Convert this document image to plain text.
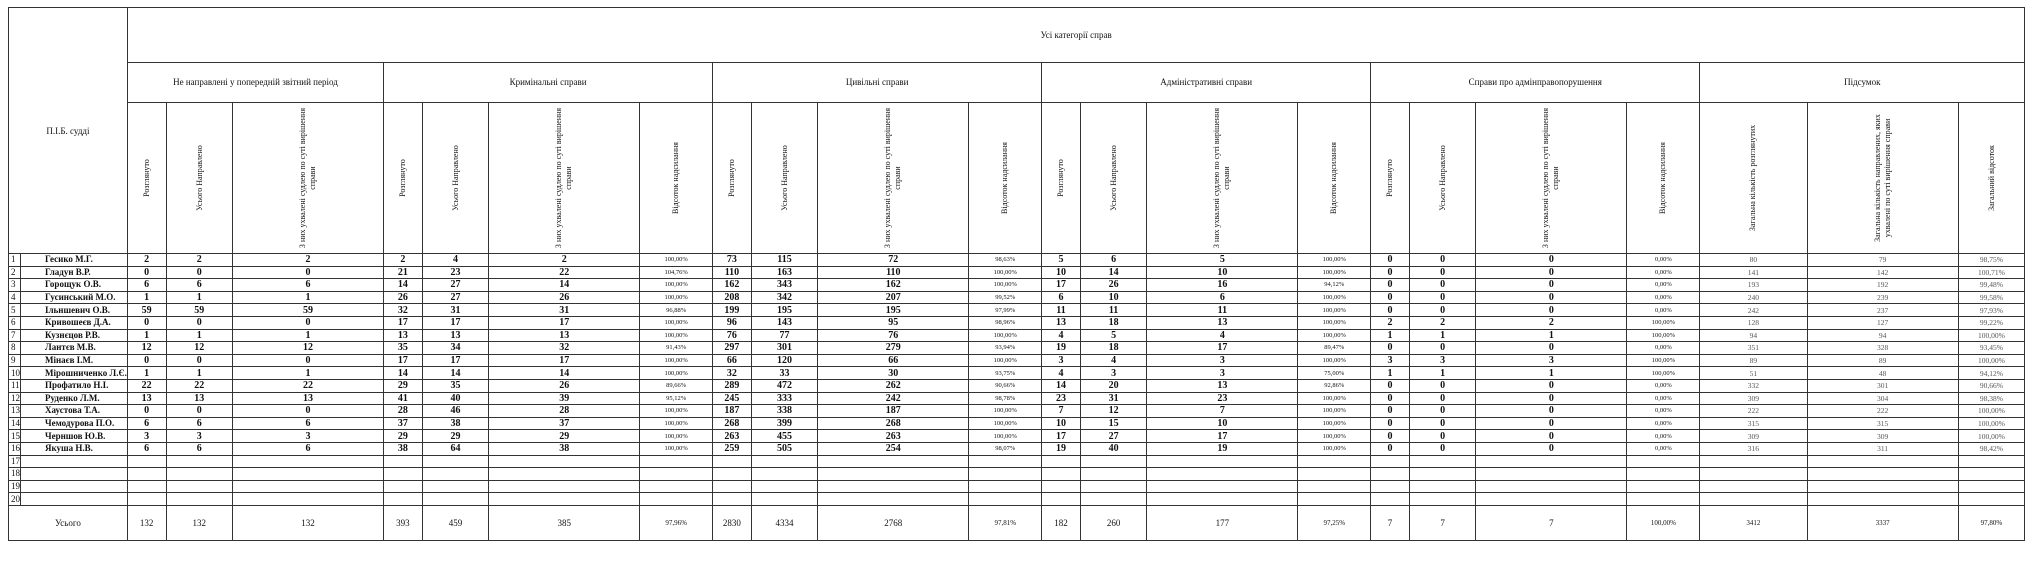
П.І.Б. судді		Усі категорії справ																					
		Не направлені у попередній звітний період			Кримінальні справи				Цивільні справи				Адміністративні справи				Справи про адмінправопорушення				Підсумок		
		Розглянуто	Усього Направлено	З них ухвалені судлею по суті вирішення справи	Розглянуто	Усього Направлено	З них ухвалені судлею по суті вирішення справи	Відсоток надсилання	Розглянуто	Усього Направлено	З них ухвалені судлею по суті вирішення справи	Відсоток надсилання	Розглянуто	Усього Направлено	З них ухвалені судлею по суті вирішення справи	Відсоток надсилання	Розглянуто	Усього Направлено	З них ухвалені судлею по суті вирішення справи	Відсоток надсилання	Загальна кількість розглянутих	Загальна кількість направлених, яких ухвалені по суті вирішення справи	Загальний відсоток
1	Гесико М.Г.	2	2	2	2	4	2	100,00%	73	115	72	98,63%	5	6	5	100,00%	0	0	0	0,00%	80	79	98,75%
2	Гладун В.Р.	0	0	0	21	23	22	104,76%	110	163	110	100,00%	10	14	10	100,00%	0	0	0	0,00%	141	142	100,71%
3	Горощук О.В.	6	6	6	14	27	14	100,00%	162	343	162	100,00%	17	26	16	94,12%	0	0	0	0,00%	193	192	99,48%
4	Гусинський М.О.	1	1	1	26	27	26	100,00%	208	342	207	99,52%	6	10	6	100,00%	0	0	0	0,00%	240	239	99,58%
5	Ільншевич О.В.	59	59	59	32	31	31	96,88%	199	195	195	97,99%	11	11	11	100,00%	0	0	0	0,00%	242	237	97,93%
6	Кривошеєв Д.А.	0	0	0	17	17	17	100,00%	96	143	95	98,96%	13	18	13	100,00%	2	2	2	100,00%	128	127	99,22%
7	Кузнєцов Р.В.	1	1	1	13	13	13	100,00%	76	77	76	100,00%	4	5	4	100,00%	1	1	1	100,00%	94	94	100,00%
8	Лантєв М.В.	12	12	12	35	34	32	91,43%	297	301	279	93,94%	19	18	17	89,47%	0	0	0	0,00%	351	328	93,45%
9	Мінаєв І.М.	0	0	0	17	17	17	100,00%	66	120	66	100,00%	3	4	3	100,00%	3	3	3	100,00%	89	89	100,00%
10	Мірошниченко Л.Є.	1	1	1	14	14	14	100,00%	32	33	30	93,75%	4	3	3	75,00%	1	1	1	100,00%	51	48	94,12%
11	Профатило Н.І.	22	22	22	29	35	26	89,66%	289	472	262	90,66%	14	20	13	92,86%	0	0	0	0,00%	332	301	90,66%
12	Руденко Л.М.	13	13	13	41	40	39	95,12%	245	333	242	98,78%	23	31	23	100,00%	0	0	0	0,00%	309	304	98,38%
13	Хаустова Т.А.	0	0	0	28	46	28	100,00%	187	338	187	100,00%	7	12	7	100,00%	0	0	0	0,00%	222	222	100,00%
14	Чемодурова П.О.	6	6	6	37	38	37	100,00%	268	399	268	100,00%	10	15	10	100,00%	0	0	0	0,00%	315	315	100,00%
15	Черншов Ю.В.	3	3	3	29	29	29	100,00%	263	455	263	100,00%	17	27	17	100,00%	0	0	0	0,00%	309	309	100,00%
16	Якуша Н.В.	6	6	6	38	64	38	100,00%	259	505	254	98,07%	19	40	19	100,00%	0	0	0	0,00%	316	311	98,42%
17																							
18																							
19																							
20																							
Усього		132	132	132	393	459	385	97,96%	2830	4334	2768	97,81%	182	260	177	97,25%	7	7	7	100,00%	3412	3337	97,80%
